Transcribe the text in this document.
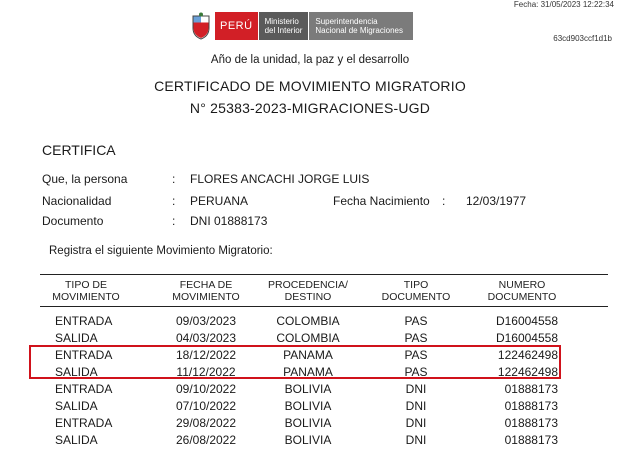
Fecha: 31/05/2023 12:22:34
63cd903ccf1d1b
PERÚ	Ministerio
del Interior
Superintendencia
Nacional de Migraciones
Año de la unidad, la paz y el desarrollo
CERTIFICADO DE MOVIMIENTO MIGRATORIO
N° 25383-2023-MIGRACIONES-UGD
CERTIFICA
Que, la persona	: FLORES ANCACHI JORGE LUIS
Nacionalidad	: PERUANA	Fecha Nacimiento : 12/03/1977
Documento	: DNI 01888173
Registra el siguiente Movimiento Migratorio:
TIPO DE
MOVIMIENTO
FECHA DE
MOVIMIENTO
PROCEDENCIA/
DESTINO
TIPO
DOCUMENTO
NUMERO
DOCUMENTO
ENTRADA	09/03/2023	COLOMBIA	PAS	D16004558
SALIDA	04/03/2023	COLOMBIA	PAS	D16004558
ENTRADA	18/12/2022	PANAMA	PAS	122462498
SALIDA	11/12/2022	PANAMA	PAS	122462498
ENTRADA	09/10/2022	BOLIVIA	DNI	01888173
SALIDA	07/10/2022	BOLIVIA	DNI	01888173
ENTRADA	29/08/2022	BOLIVIA	DNI	01888173
SALIDA	26/08/2022	BOLIVIA	DNI	01888173
